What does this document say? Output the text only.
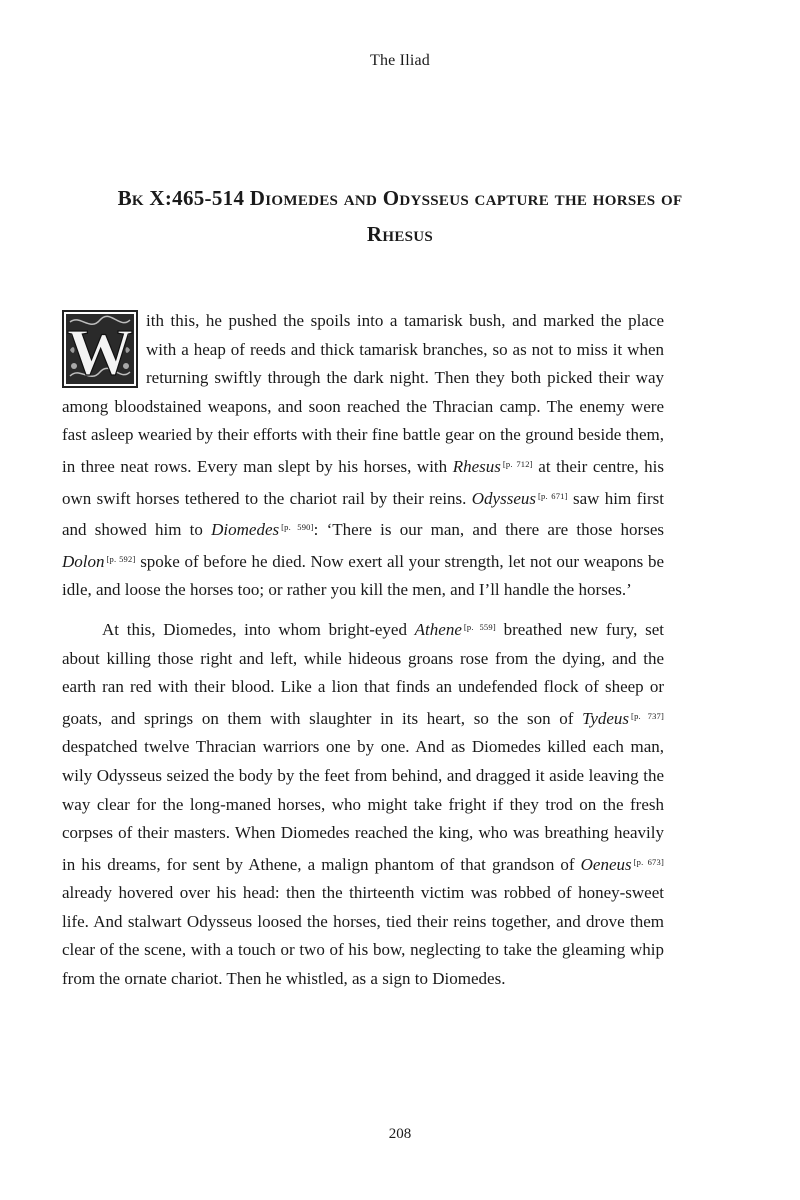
The Iliad
Bk X:465-514 Diomedes and Odysseus capture the horses of Rhesus

W ith this, he pushed the spoils into a tamarisk bush, and marked the place with a heap of reeds and thick tamarisk branches, so as not to miss it when returning swiftly through the dark night. Then they both picked their way among bloodstained weapons, and soon reached the Thracian camp. The enemy were fast asleep wearied by their efforts with their fine battle gear on the ground beside them, in three neat rows. Every man slept by his horses, with Rhesus [p. 712] at their centre, his own swift horses tethered to the chariot rail by their reins. Odysseus [p. 671] saw him first and showed him to Diomedes [p. 590]: ‘There is our man, and there are those horses Dolon [p. 592] spoke of before he died. Now exert all your strength, let not our weapons be idle, and loose the horses too; or rather you kill the men, and I’ll handle the horses.’

At this, Diomedes, into whom bright-eyed Athene [p. 559] breathed new fury, set about killing those right and left, while hideous groans rose from the dying, and the earth ran red with their blood. Like a lion that finds an undefended flock of sheep or goats, and springs on them with slaughter in its heart, so the son of Tydeus [p. 737] despatched twelve Thracian warriors one by one. And as Diomedes killed each man, wily Odysseus seized the body by the feet from behind, and dragged it aside leaving the way clear for the long-maned horses, who might take fright if they trod on the fresh corpses of their masters. When Diomedes reached the king, who was breathing heavily in his dreams, for sent by Athene, a malign phantom of that grandson of Oeneus [p. 673] already hovered over his head: then the thirteenth victim was robbed of honey-sweet life. And stalwart Odysseus loosed the horses, tied their reins together, and drove them clear of the scene, with a touch or two of his bow, neglecting to take the gleaming whip from the ornate chariot. Then he whistled, as a sign to Diomedes.

208
